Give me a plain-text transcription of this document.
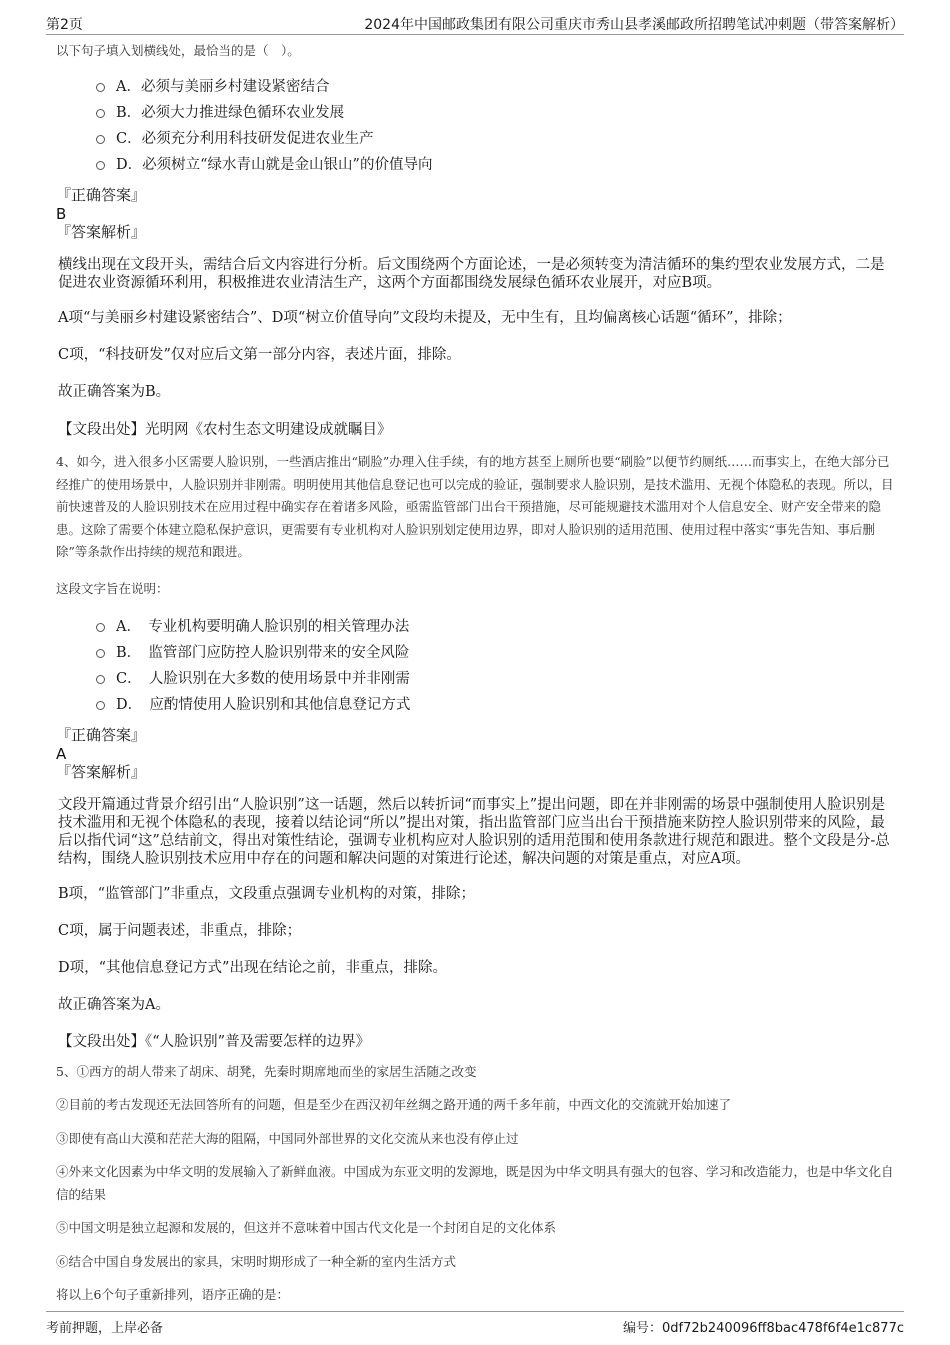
第2页	2024年中国邮政集团有限公司重庆市秀山县孝溪邮政所招聘笔试冲刺题（带答案解析）
以下句子填入划横线处，最恰当的是（　）。
A．必须与美丽乡村建设紧密结合
B．必须大力推进绿色循环农业发展
C．必须充分利用科技研发促进农业生产
D．必须树立“绿水青山就是金山银山”的价值导向
『正确答案』
B
『答案解析』
横线出现在文段开头，需结合后文内容进行分析。后文围绕两个方面论述，一是必须转变为清洁循环的集约型农业发展方式，二是促进农业资源循环利用，积极推进农业清洁生产，这两个方面都围绕发展绿色循环农业展开，对应B项。
A项“与美丽乡村建设紧密结合”、D项“树立价值导向”文段均未提及，无中生有，且均偏离核心话题“循环”，排除；
C项，“科技研发”仅对应后文第一部分内容，表述片面，排除。
故正确答案为B。
【文段出处】光明网《农村生态文明建设成就瞩目》
4、如今，进入很多小区需要人脸识别，一些酒店推出“刷脸”办理入住手续，有的地方甚至上厕所也要“刷脸”以便节约厕纸……而事实上，在绝大部分已经推广的使用场景中，人脸识别并非刚需。明明使用其他信息登记也可以完成的验证，强制要求人脸识别，是技术滥用、无视个体隐私的表现。所以，目前快速普及的人脸识别技术在应用过程中确实存在着诸多风险，亟需监管部门出台干预措施，尽可能规避技术滥用对个人信息安全、财产安全带来的隐患。这除了需要个体建立隐私保护意识，更需要有专业机构对人脸识别划定使用边界，即对人脸识别的适用范围、使用过程中落实“事先告知、事后删除”等条款作出持续的规范和跟进。
这段文字旨在说明：
A．　专业机构要明确人脸识别的相关管理办法
B．　监管部门应防控人脸识别带来的安全风险
C．　人脸识别在大多数的使用场景中并非刚需
D．　应酌情使用人脸识别和其他信息登记方式
『正确答案』
A
『答案解析』
文段开篇通过背景介绍引出“人脸识别”这一话题，然后以转折词“而事实上”提出问题，即在并非刚需的场景中强制使用人脸识别是技术滥用和无视个体隐私的表现，接着以结论词“所以”提出对策，指出监管部门应当出台干预措施来防控人脸识别带来的风险，最后以指代词“这”总结前文，得出对策性结论，强调专业机构应对人脸识别的适用范围和使用条款进行规范和跟进。整个文段是分-总结构，围绕人脸识别技术应用中存在的问题和解决问题的对策进行论述，解决问题的对策是重点，对应A项。
B项，“监管部门”非重点，文段重点强调专业机构的对策，排除；
C项，属于问题表述，非重点，排除；
D项，“其他信息登记方式”出现在结论之前，非重点，排除。
故正确答案为A。
【文段出处】《“人脸识别”普及需要怎样的边界》
5、①西方的胡人带来了胡床、胡凳，先秦时期席地而坐的家居生活随之改变
②目前的考古发现还无法回答所有的问题，但是至少在西汉初年丝绸之路开通的两千多年前，中西文化的交流就开始加速了
③即使有高山大漠和茫茫大海的阻隔，中国同外部世界的文化交流从来也没有停止过
④外来文化因素为中华文明的发展输入了新鲜血液。中国成为东亚文明的发源地，既是因为中华文明具有强大的包容、学习和改造能力，也是中华文化自信的结果
⑤中国文明是独立起源和发展的，但这并不意味着中国古代文化是一个封闭自足的文化体系
⑥结合中国自身发展出的家具，宋明时期形成了一种全新的室内生活方式
将以上6个句子重新排列，语序正确的是：
考前押题，上岸必备	编号：0df72b240096ff8bac478f6f4e1c877c
